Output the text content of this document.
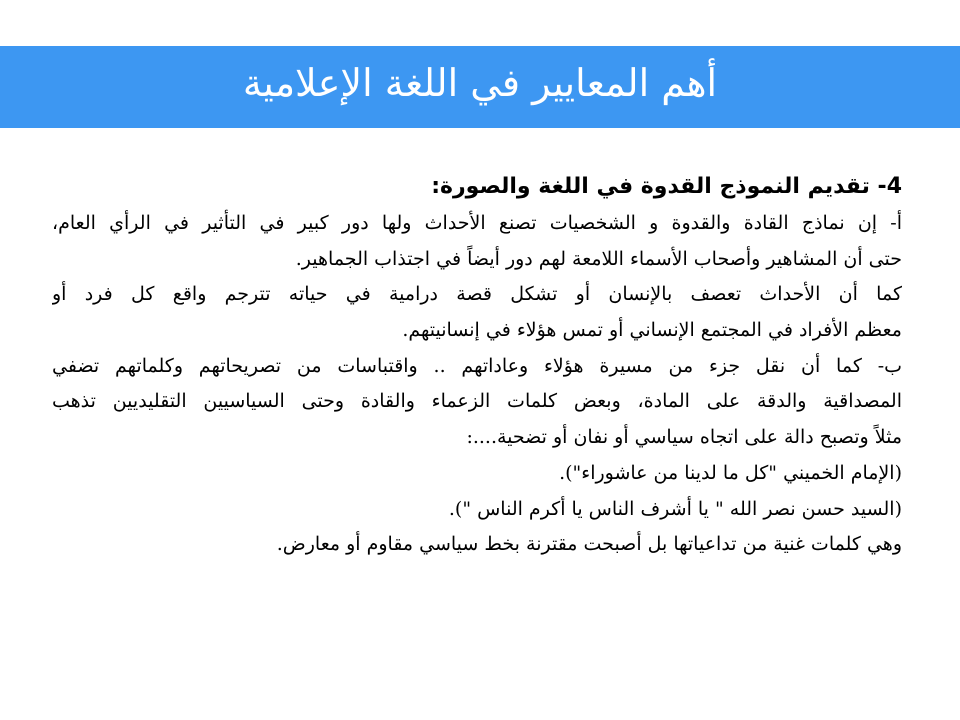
أهم المعايير في اللغة الإعلامية
4- تقديم النموذج القدوة في اللغة والصورة:
أ- إن نماذج القادة والقدوة و الشخصيات تصنع الأحداث ولها دور كبير في التأثير في الرأي العام،
حتى أن المشاهير وأصحاب الأسماء اللامعة لهم دور أيضاً في اجتذاب الجماهير.
كما أن الأحداث تعصف بالإنسان أو تشكل قصة درامية في حياته تترجم واقع كل فرد أو
معظم الأفراد في المجتمع الإنساني أو تمس هؤلاء في إنسانيتهم.
ب- كما أن نقل جزء من مسيرة هؤلاء وعاداتهم .. واقتباسات من تصريحاتهم وكلماتهم تضفي
المصداقية والدقة على المادة، وبعض كلمات الزعماء والقادة وحتى السياسيين التقليديين تذهب
مثلاً وتصبح دالة على اتجاه سياسي أو نفان أو تضحية....:
(الإمام الخميني "كل ما لدينا من عاشوراء").
(السيد حسن نصر الله " يا أشرف الناس يا أكرم الناس ").
وهي كلمات غنية من تداعياتها بل أصبحت مقترنة بخط سياسي مقاوم أو معارض.
